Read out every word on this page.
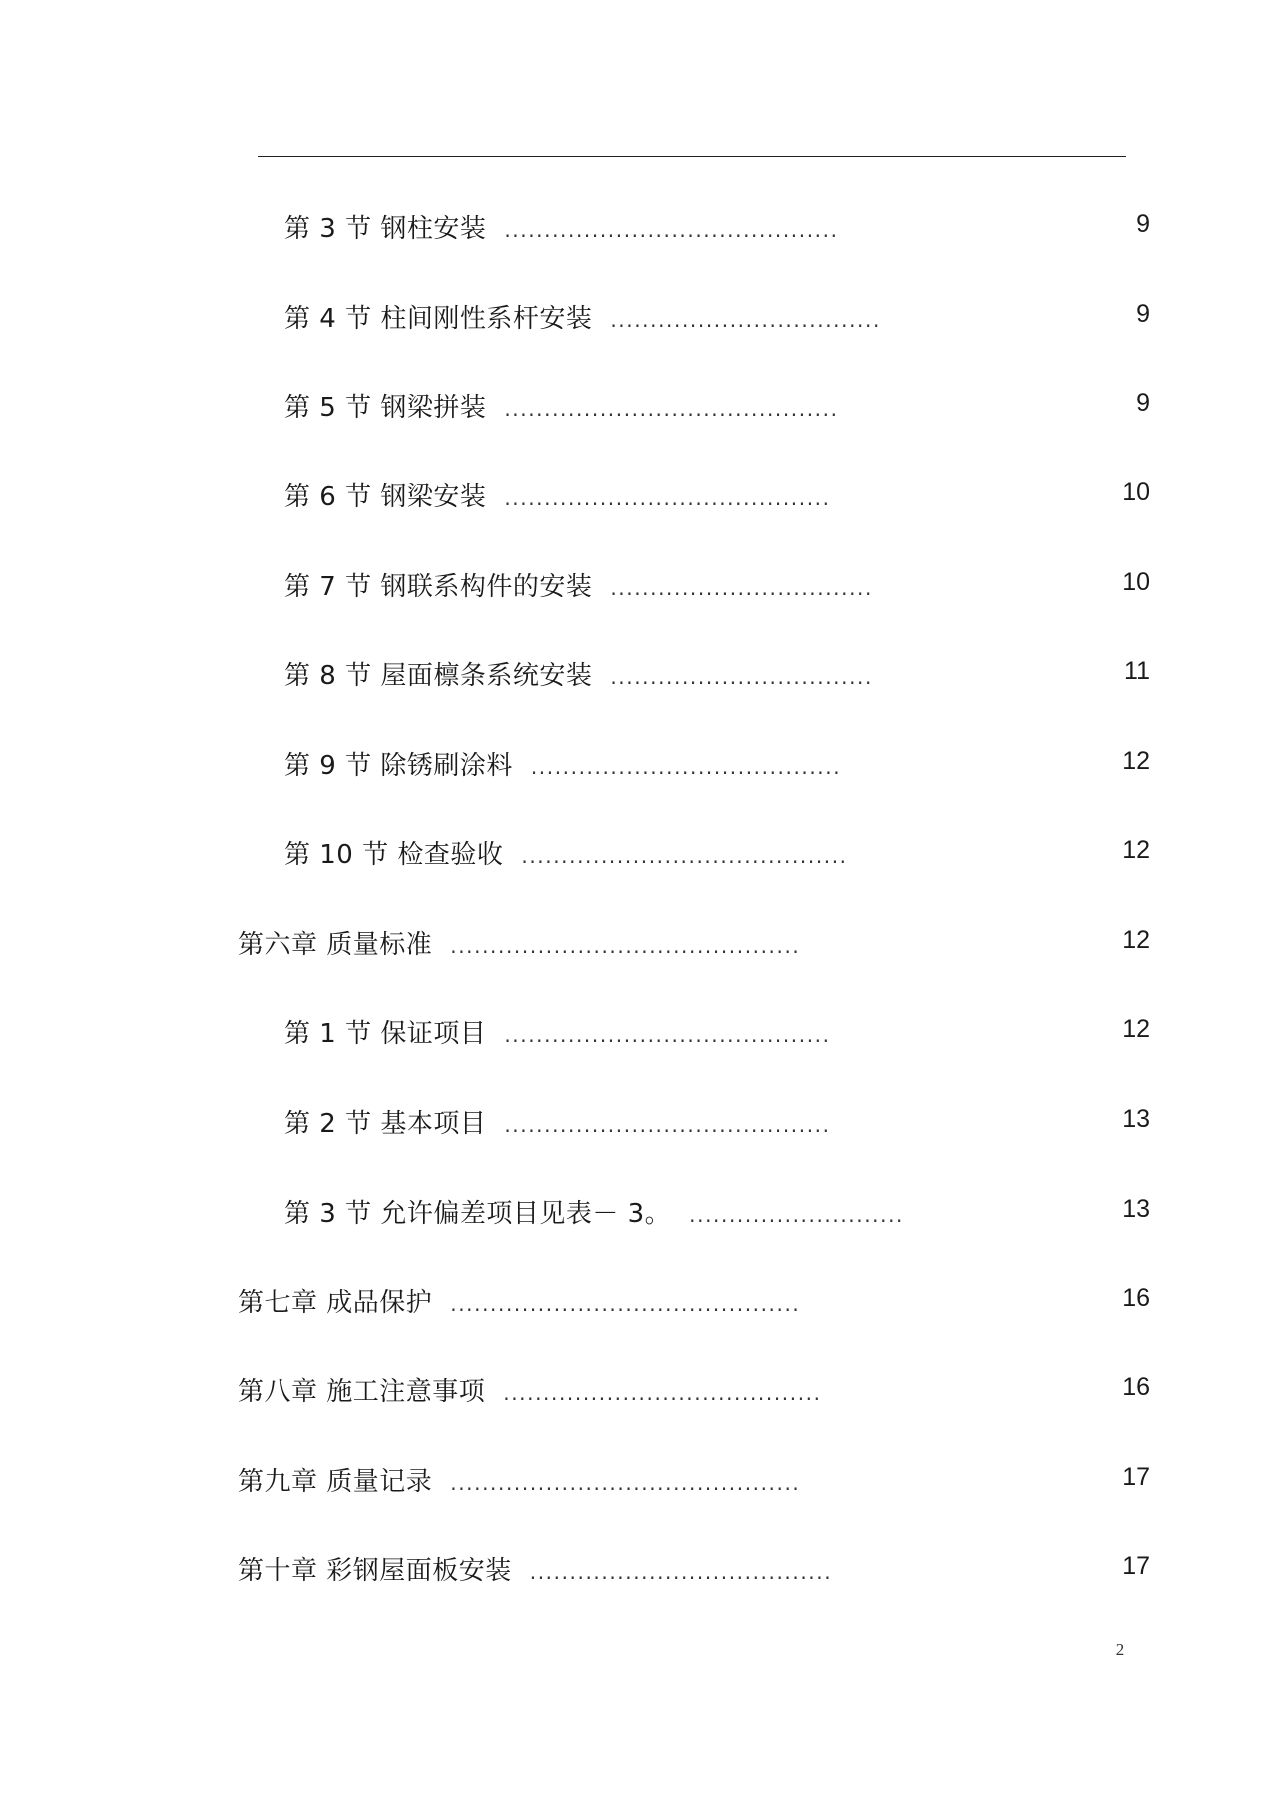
第 3 节 钢柱安装 ..........................................	9
第 4 节 柱间刚性系杆安装 ..................................	9
第 5 节 钢梁拼装 ..........................................	9
第 6 节 钢梁安装 .........................................	10
第 7 节 钢联系构件的安装 .................................	10
第 8 节 屋面檩条系统安装 .................................	11
第 9 节 除锈刷涂料 .......................................	12
第 10 节 检查验收 .........................................	12
第六章 质量标准 ............................................	12
第 1 节 保证项目 .........................................	12
第 2 节 基本项目 .........................................	13
第 3 节 允许偏差项目见表－ 3。 ...........................	13
第七章 成品保护 ............................................	16
第八章 施工注意事项 ........................................	16
第九章 质量记录 ............................................	17
第十章 彩钢屋面板安装 ......................................	17
2
